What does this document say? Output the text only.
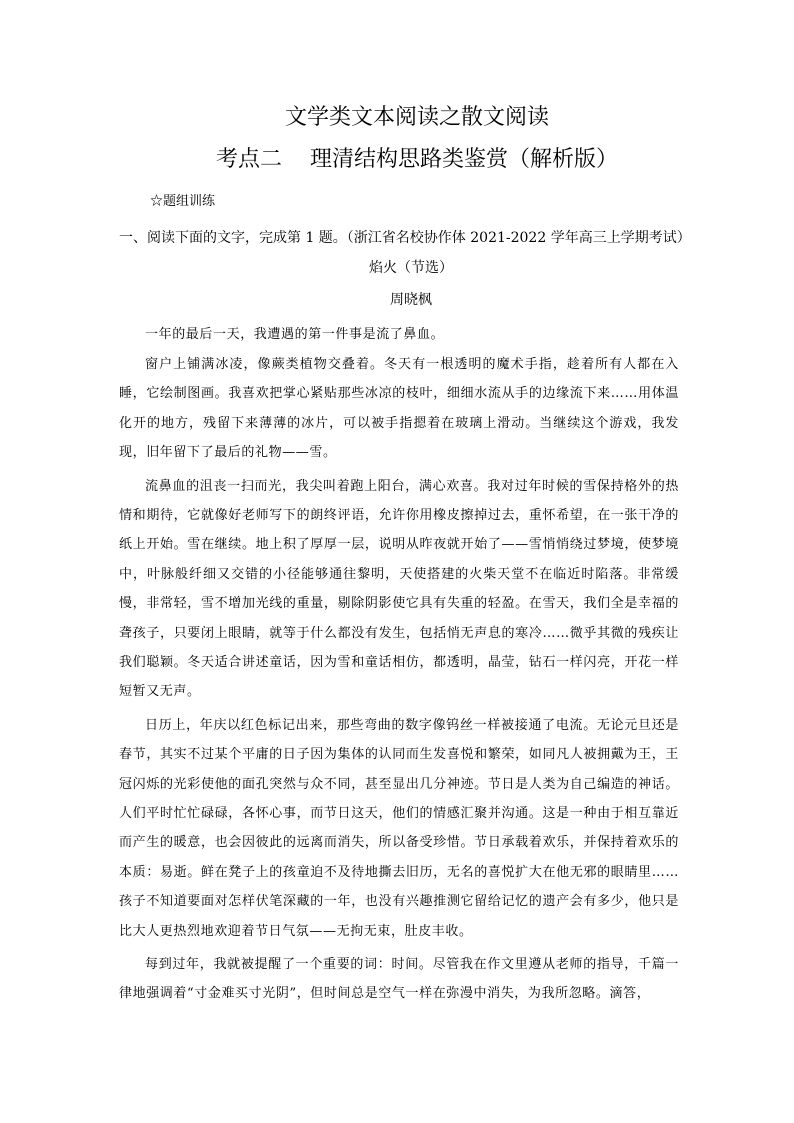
文学类文本阅读之散文阅读
考点二    理清结构思路类鉴赏（解析版）
☆题组训练
一、阅读下面的文字，完成第 1 题。（浙江省名校协作体 2021-2022 学年高三上学期考试）
焰火（节选）
周晓枫

一年的最后一天，我遭遇的第一件事是流了鼻血。

窗户上铺满冰凌，像蕨类植物交叠着。冬天有一根透明的魔术手指，趁着所有人都在入睡，它绘制图画。我喜欢把掌心紧贴那些冰凉的枝叶，细细水流从手的边缘流下来……用体温化开的地方，残留下来薄薄的冰片，可以被手指摁着在玻璃上滑动。当继续这个游戏，我发现，旧年留下了最后的礼物——雪。

流鼻血的沮丧一扫而光，我尖叫着跑上阳台，满心欢喜。我对过年时候的雪保持格外的热情和期待，它就像好老师写下的朗终评语，允许你用橡皮擦掉过去，重怀希望，在一张干净的纸上开始。雪在继续。地上积了厚厚一层，说明从昨夜就开始了——雪悄悄绕过梦境，使梦境中，叶脉般纤细又交错的小径能够通往黎明，天使搭建的火柴天堂不在临近时陷落。非常缓慢，非常轻，雪不增加光线的重量，剔除阴影使它具有失重的轻盈。在雪天，我们全是幸福的聋孩子，只要闭上眼睛，就等于什么都没有发生，包括悄无声息的寒冷……微乎其微的残疾让我们聪颖。冬天适合讲述童话，因为雪和童话相仿，都透明，晶莹，钻石一样闪亮，开花一样短暂又无声。

日历上，年庆以红色标记出来，那些弯曲的数字像钨丝一样被接通了电流。无论元旦还是春节，其实不过某个平庸的日子因为集体的认同而生发喜悦和繁荣，如同凡人被拥戴为王，王冠闪烁的光彩使他的面孔突然与众不同，甚至显出几分神迹。节日是人类为自己编造的神话。人们平时忙忙碌碌，各怀心事，而节日这天，他们的情感汇聚并沟通。这是一种由于相互靠近而产生的暖意，也会因彼此的远离而消失，所以备受珍惜。节日承载着欢乐，并保持着欢乐的本质：易逝。鲜在凳子上的孩童迫不及待地撕去旧历，无名的喜悦扩大在他无邪的眼睛里……孩子不知道要面对怎样伏笔深藏的一年，也没有兴趣推测它留给记忆的遗产会有多少，他只是比大人更热烈地欢迎着节日气氛——无拘无束，肚皮丰收。

每到过年，我就被提醒了一个重要的词：时间。尽管我在作文里遵从老师的指导，千篇一律地强调着“寸金难买寸光阴”，但时间总是空气一样在弥漫中消失，为我所忽略。滴答，
